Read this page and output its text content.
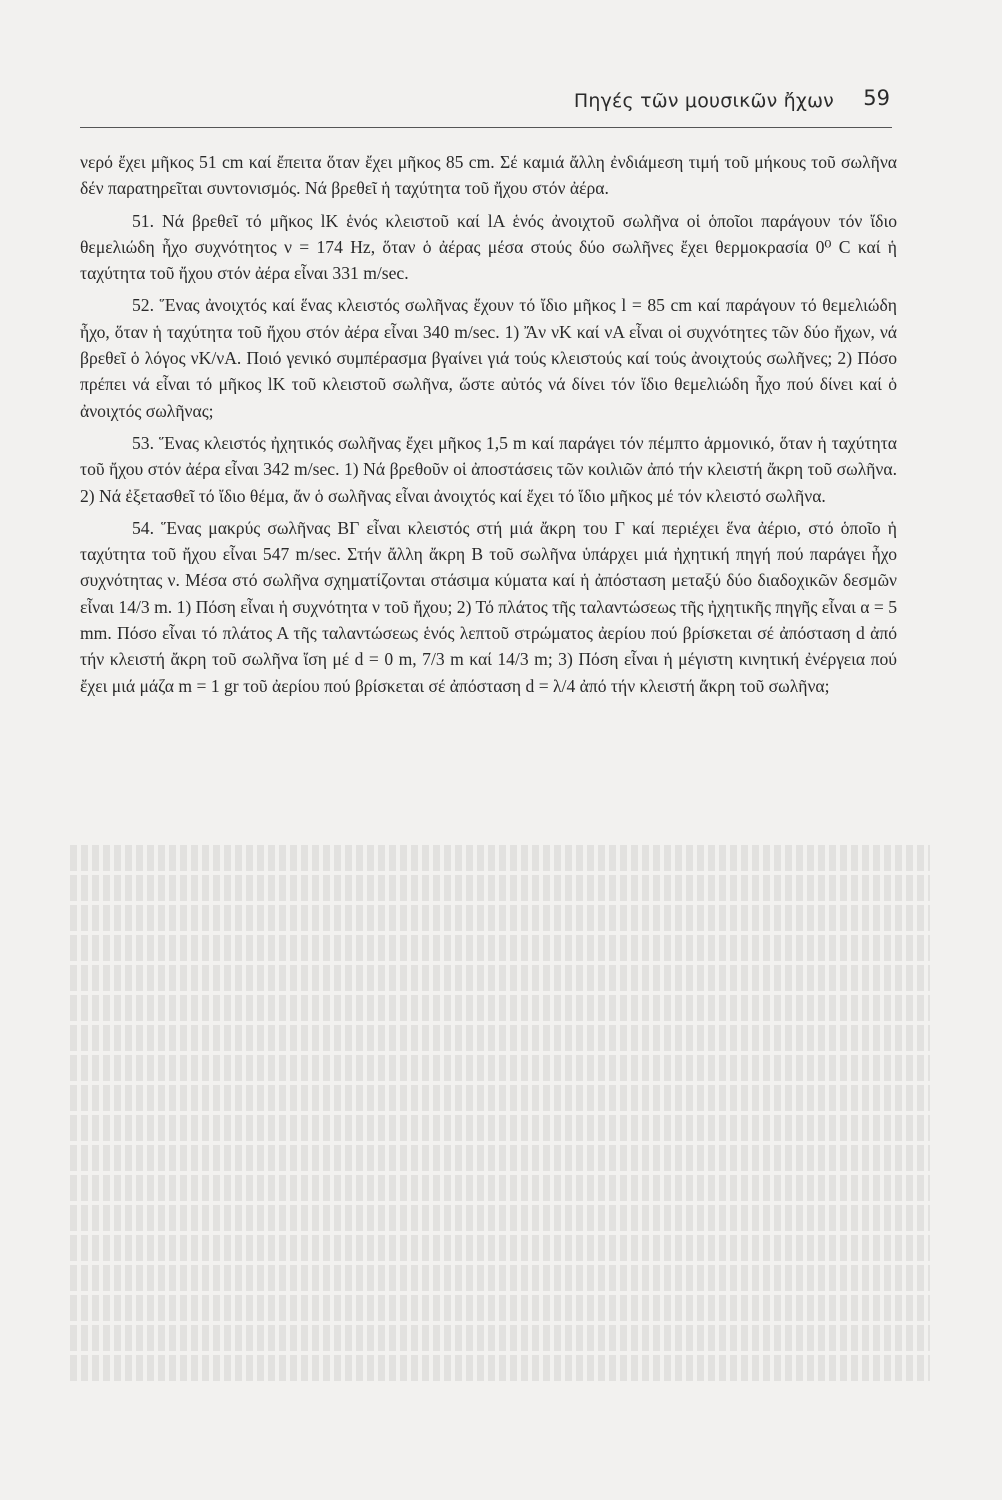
Πηγές τῶν μουσικῶν ἤχων 59

νερό ἔχει μῆκος 51 cm καί ἔπειτα ὅταν ἔχει μῆκος 85 cm. Σέ καμιά ἄλλη ἐνδιάμεση τιμή τοῦ μήκους τοῦ σωλῆνα δέν παρατηρεῖται συντονισμός. Νά βρεθεῖ ἡ ταχύτητα τοῦ ἤχου στόν ἀέρα.

51. Νά βρεθεῖ τό μῆκος lK ἑνός κλειστοῦ καί lA ἑνός ἀνοιχτοῦ σωλῆνα οἱ ὁποῖοι παράγουν τόν ἴδιο θεμελιώδη ἦχο συχνότητος ν = 174 Hz, ὅταν ὁ ἀέρας μέσα στούς δύο σωλῆνες ἔχει θερμοκρασία 0⁰ C καί ἡ ταχύτητα τοῦ ἤχου στόν ἀέρα εἶναι 331 m/sec.

52. Ἕνας ἀνοιχτός καί ἕνας κλειστός σωλῆνας ἔχουν τό ἴδιο μῆκος l = 85 cm καί παράγουν τό θεμελιώδη ἦχο, ὅταν ἡ ταχύτητα τοῦ ἤχου στόν ἀέρα εἶναι 340 m/sec. 1) Ἄν νK καί νA εἶναι οἱ συχνότητες τῶν δύο ἤχων, νά βρεθεῖ ὁ λόγος νK/νA. Ποιό γενικό συμπέρασμα βγαίνει γιά τούς κλειστούς καί τούς ἀνοιχτούς σωλῆνες; 2) Πόσο πρέπει νά εἶναι τό μῆκος lK τοῦ κλειστοῦ σωλῆνα, ὥστε αὐτός νά δίνει τόν ἴδιο θεμελιώδη ἦχο πού δίνει καί ὁ ἀνοιχτός σωλῆνας;

53. Ἕνας κλειστός ἠχητικός σωλῆνας ἔχει μῆκος 1,5 m καί παράγει τόν πέμπτο ἁρμονικό, ὅταν ἡ ταχύτητα τοῦ ἤχου στόν ἀέρα εἶναι 342 m/sec. 1) Νά βρεθοῦν οἱ ἀποστάσεις τῶν κοιλιῶν ἀπό τήν κλειστή ἄκρη τοῦ σωλῆνα. 2) Νά ἐξετασθεῖ τό ἴδιο θέμα, ἄν ὁ σωλῆνας εἶναι ἀνοιχτός καί ἔχει τό ἴδιο μῆκος μέ τόν κλειστό σωλῆνα.

54. Ἕνας μακρύς σωλῆνας ΒΓ εἶναι κλειστός στή μιά ἄκρη του Γ καί περιέχει ἕνα ἀέριο, στό ὁποῖο ἡ ταχύτητα τοῦ ἤχου εἶναι 547 m/sec. Στήν ἄλλη ἄκρη Β τοῦ σωλῆνα ὑπάρχει μιά ἠχητική πηγή πού παράγει ἦχο συχνότητας ν. Μέσα στό σωλῆνα σχηματίζονται στάσιμα κύματα καί ἡ ἀπόσταση μεταξύ δύο διαδοχικῶν δεσμῶν εἶναι 14/3 m. 1) Πόση εἶναι ἡ συχνότητα ν τοῦ ἤχου; 2) Τό πλάτος τῆς ταλαντώσεως τῆς ἠχητικῆς πηγῆς εἶναι α = 5 mm. Πόσο εἶναι τό πλάτος Α τῆς ταλαντώσεως ἑνός λεπτοῦ στρώματος ἀερίου πού βρίσκεται σέ ἀπόσταση d ἀπό τήν κλειστή ἄκρη τοῦ σωλῆνα ἴση μέ d = 0 m, 7/3 m καί 14/3 m; 3) Πόση εἶναι ἡ μέγιστη κινητική ἐνέργεια πού ἔχει μιά μάζα m = 1 gr τοῦ ἀερίου πού βρίσκεται σέ ἀπόσταση d = λ/4 ἀπό τήν κλειστή ἄκρη τοῦ σωλῆνα;
